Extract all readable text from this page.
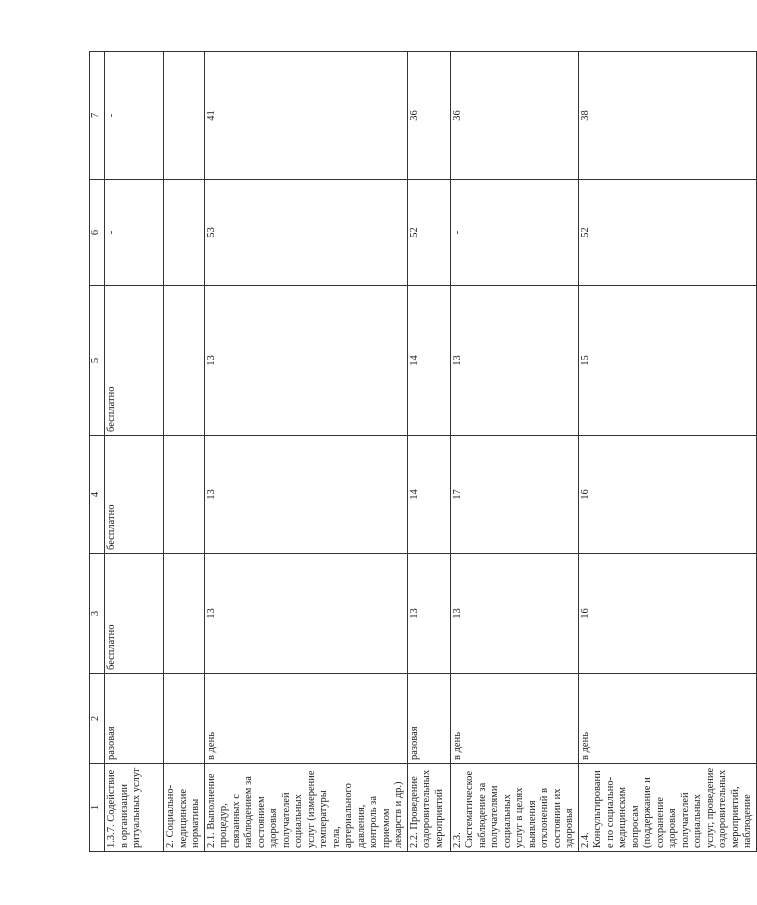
1	2	3	4	5	6	7
1.3.7. Содействие в организации ритуальных услуг	разовая	бесплатно	бесплатно	бесплатно	-	-
2. Социально-медицинские нормативы						
2.1. Выполнение процедур, связанных с наблюдением за состоянием здоровья получателей социальных услуг (измерение температуры тела, артериального давления, контроль за приемом лекарств и др.)	в день	13	13	13	53	41
2.2. Проведение оздоровительных мероприятий	разовая	13	14	14	52	36
2.3. Систематическое наблюдение за получателями социальных услуг в целях выявления отклонений в состоянии их здоровья	в день	13	17	13	-	36
2.4. Консультирование по социально-медицинским вопросам (поддержание и сохранение здоровья получателей социальных услуг, проведение оздоровительных мероприятий, наблюдение	в день	16	16	15	52	38
